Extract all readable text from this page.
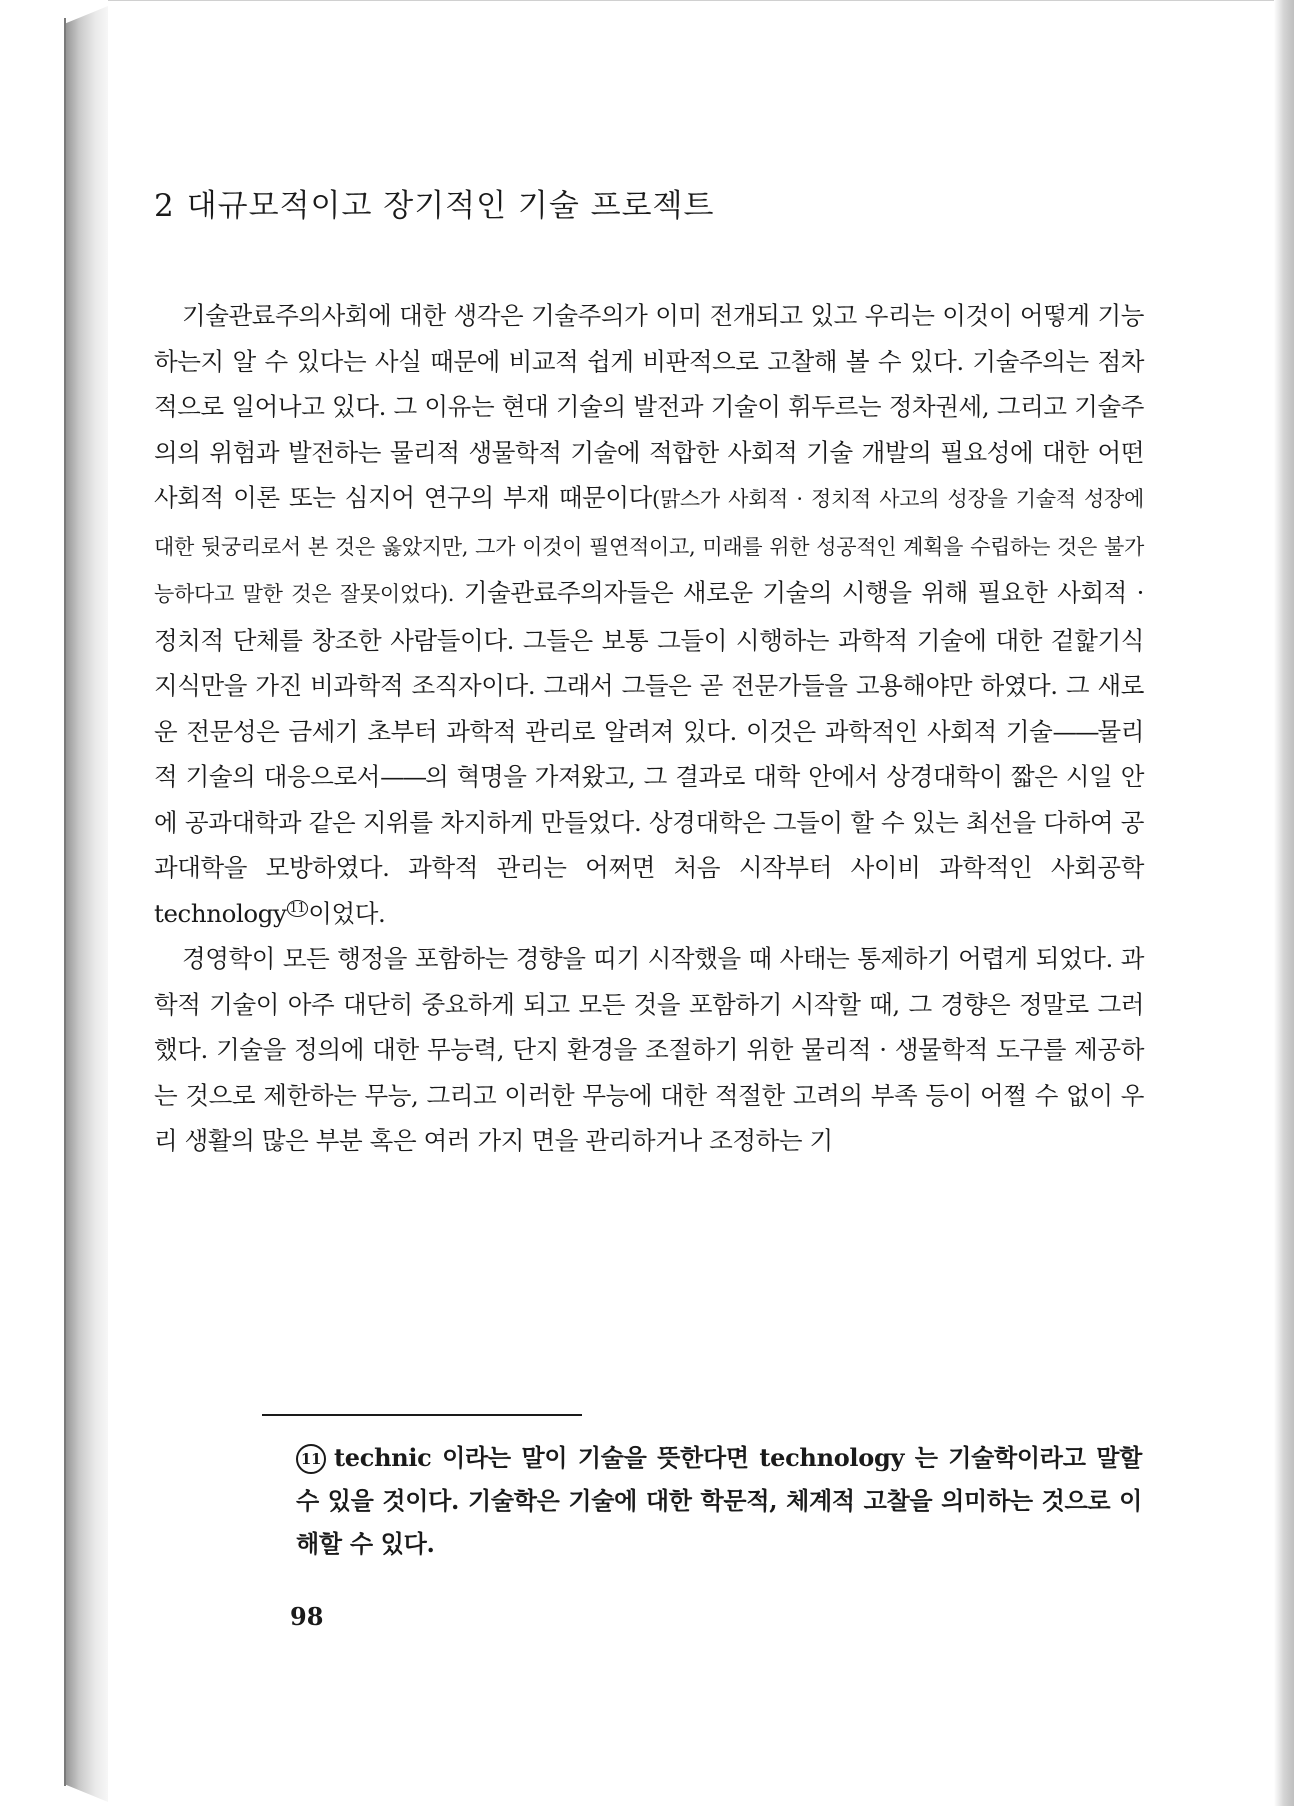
2 대규모적이고 장기적인 기술 프로젝트

기술관료주의사회에 대한 생각은 기술주의가 이미 전개되고 있고 우리는 이것이 어떻게 기능하는지 알 수 있다는 사실 때문에 비교적 쉽게 비판적으로 고찰해 볼 수 있다. 기술주의는 점차적으로 일어나고 있다. 그 이유는 현대 기술의 발전과 기술이 휘두르는 정차권세, 그리고 기술주의의 위험과 발전하는 물리적 생물학적 기술에 적합한 사회적 기술 개발의 필요성에 대한 어떤 사회적 이론 또는 심지어 연구의 부재 때문이다(맑스가 사회적 · 정치적 사고의 성장을 기술적 성장에 대한 뒷궁리로서 본 것은 옳았지만, 그가 이것이 필연적이고, 미래를 위한 성공적인 계획을 수립하는 것은 불가능하다고 말한 것은 잘못이었다). 기술관료주의자들은 새로운 기술의 시행을 위해 필요한 사회적 · 정치적 단체를 창조한 사람들이다. 그들은 보통 그들이 시행하는 과학적 기술에 대한 겉핥기식 지식만을 가진 비과학적 조직자이다. 그래서 그들은 곧 전문가들을 고용해야만 하였다. 그 새로운 전문성은 금세기 초부터 과학적 관리로 알려져 있다. 이것은 과학적인 사회적 기술——물리적 기술의 대응으로서——의 혁명을 가져왔고, 그 결과로 대학 안에서 상경대학이 짧은 시일 안에 공과대학과 같은 지위를 차지하게 만들었다. 상경대학은 그들이 할 수 있는 최선을 다하여 공과대학을 모방하였다. 과학적 관리는 어쩌면 처음 시작부터 사이비 과학적인 사회공학 technology $^{11}$ 이었다.

경영학이 모든 행정을 포함하는 경향을 띠기 시작했을 때 사태는 통제하기 어렵게 되었다. 과학적 기술이 아주 대단히 중요하게 되고 모든 것을 포함하기 시작할 때, 그 경향은 정말로 그러했다. 기술을 정의에 대한 무능력, 단지 환경을 조절하기 위한 물리적 · 생물학적 도구를 제공하는 것으로 제한하는 무능, 그리고 이러한 무능에 대한 적절한 고려의 부족 등이 어쩔 수 없이 우리 생활의 많은 부분 혹은 여러 가지 면을 관리하거나 조정하는 기

11 technic 이라는 말이 기술을 뜻한다면 technology 는 기술학이라고 말할 수 있을 것이다. 기술학은 기술에 대한 학문적, 체계적 고찰을 의미하는 것으로 이해할 수 있다.
98
